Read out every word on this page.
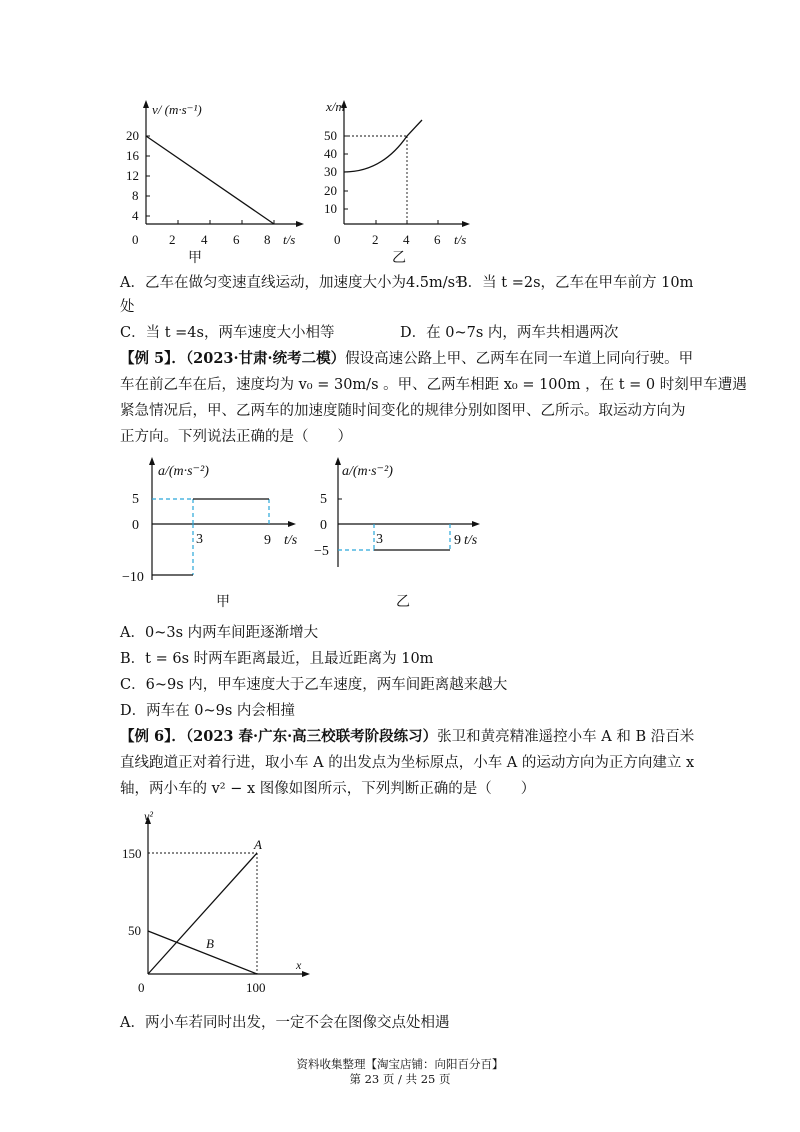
v/ (m·s⁻¹)
t/s
0
20
16
12
8
4
2 4 6 8
甲
x/m
t/s
0
50
40
30
20
10
2 4 6
乙
A．乙车在做匀变速直线运动，加速度大小为4.5m/s²
B．当 t =2s，乙车在甲车前方 10m
处
C．当 t =4s，两车速度大小相等	D．在 0~7s 内，两车共相遇两次
【例 5】．（2023·甘肃·统考二模）假设高速公路上甲、乙两车在同一车道上同向行驶。甲
车在前乙车在后，速度均为 v₀ = 30m/s 。甲、乙两车相距 x₀ = 100m ，在 t = 0 时刻甲车遭遇
紧急情况后，甲、乙两车的加速度随时间变化的规律分别如图甲、乙所示。取运动方向为
正方向。下列说法正确的是（　　）
a/(m·s⁻²)
t/s
5
0
−10
3	9
甲
a/(m·s⁻²)
t/s
5
0
−5
3	9
乙
A．0~3s 内两车间距逐渐增大
B．t = 6s 时两车距离最近，且最近距离为 10m
C．6~9s 内，甲车速度大于乙车速度，两车间距离越来越大
D．两车在 0~9s 内会相撞
【例 6】．（2023 春·广东·高三校联考阶段练习）张卫和黄亮精准遥控小车 A 和 B 沿百米
直线跑道正对着行进，取小车 A 的出发点为坐标原点，小车 A 的运动方向为正方向建立 x
轴，两小车的 v² − x 图像如图所示，下列判断正确的是（　　）
v²
x
0
150
50
100
A
B
A．两小车若同时出发，一定不会在图像交点处相遇
资料收集整理【淘宝店铺：向阳百分百】
第 23 页 / 共 25 页
